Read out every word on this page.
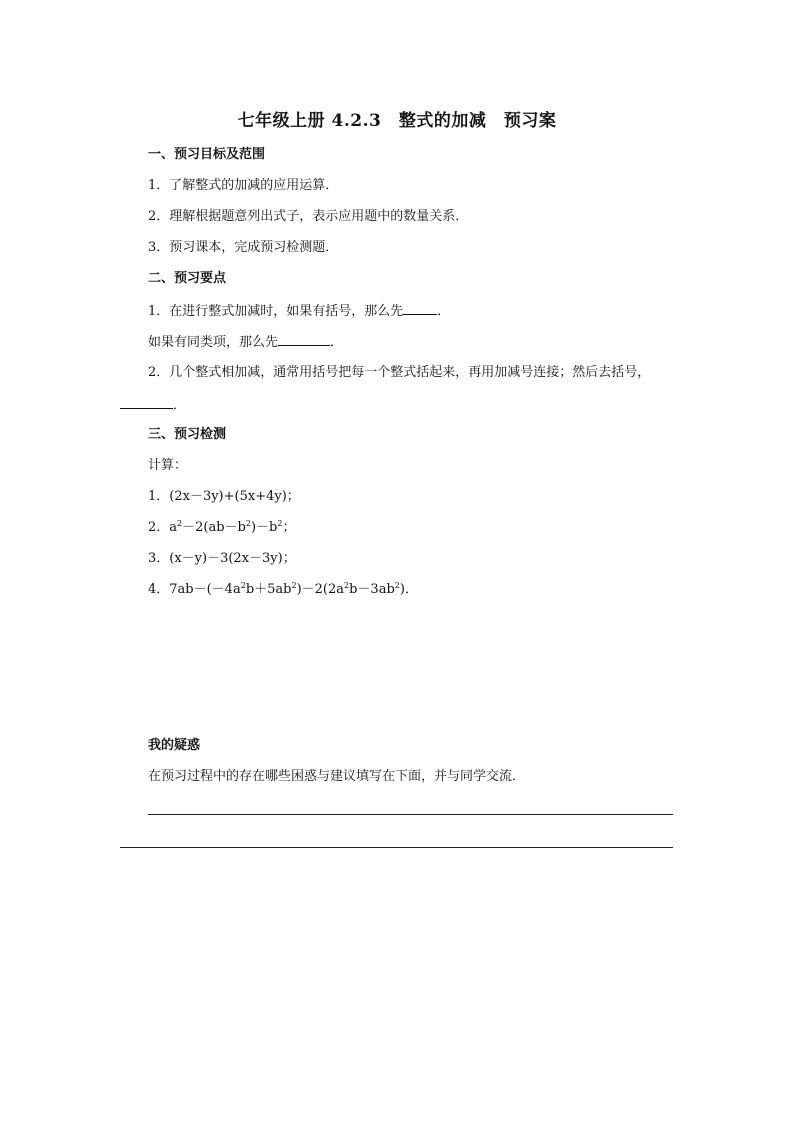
七年级上册 4.2.3　整式的加减　预习案
一、预习目标及范围
1．了解整式的加减的应用运算．
2．理解根据题意列出式子，表示应用题中的数量关系．
3．预习课本，完成预习检测题．
二、预习要点
1．在进行整式加减时，如果有括号，那么先	．
如果有同类项，那么先	．
2．几个整式相加减，通常用括号把每一个整式括起来，再用加减号连接；然后去括号，
．
三、预习检测
计算：
1．(2x－3y)+(5x+4y)；
2．$a^2-2(ab-b^2)-b^2$；
3．(x－y)－3(2x－3y)；
4．$7ab-(-4a^2b+5ab^2)-2(2a^2b-3ab^2)$．
我的疑惑
在预习过程中的存在哪些困惑与建议填写在下面，并与同学交流．
